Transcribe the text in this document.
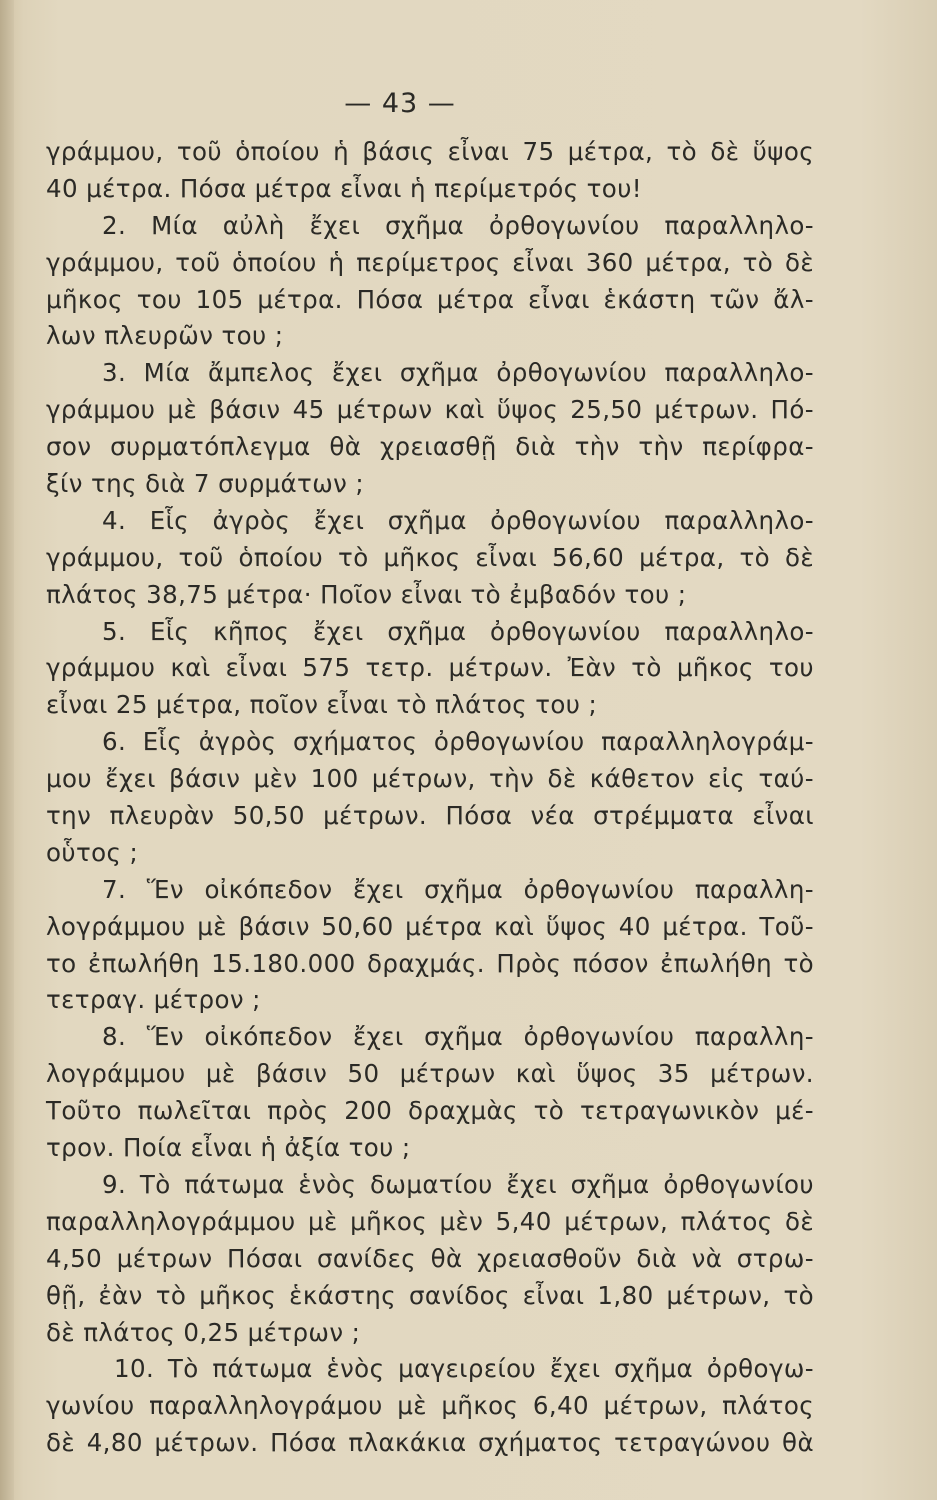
— 43 —
γράμμου, τοῦ ὁποίου ἡ βάσις εἶναι 75 μέτρα, τὸ δὲ ὕψος
40 μέτρα. Πόσα μέτρα εἶναι ἡ περίμετρός του!
2. Μία αὐλὴ ἔχει σχῆμα ὀρθογωνίου παραλληλο-
γράμμου, τοῦ ὁποίου ἡ περίμετρος εἶναι 360 μέτρα, τὸ δὲ
μῆκος του 105 μέτρα. Πόσα μέτρα εἶναι ἑκάστη τῶν ἄλ-
λων πλευρῶν του ;
3. Μία ἄμπελος ἔχει σχῆμα ὀρθογωνίου παραλληλο-
γράμμου μὲ βάσιν 45 μέτρων καὶ ὕψος 25,50 μέτρων. Πό-
σον συρματόπλεγμα θὰ χρειασθῇ διὰ τὴν τὴν περίφρα-
ξίν της διὰ 7 συρμάτων ;
4. Εἷς ἀγρὸς ἔχει σχῆμα ὀρθογωνίου παραλληλο-
γράμμου, τοῦ ὁποίου τὸ μῆκος εἶναι 56,60 μέτρα, τὸ δὲ
πλάτος 38,75 μέτρα· Ποῖον εἶναι τὸ ἐμβαδόν του ;
5. Εἷς κῆπος ἔχει σχῆμα ὀρθογωνίου παραλληλο-
γράμμου καὶ εἶναι 575 τετρ. μέτρων. Ἐὰν τὸ μῆκος του
εἶναι 25 μέτρα, ποῖον εἶναι τὸ πλάτος του ;
6. Εἷς ἀγρὸς σχήματος ὀρθογωνίου παραλληλογράμ-
μου ἔχει βάσιν μὲν 100 μέτρων, τὴν δὲ κάθετον εἰς ταύ-
την πλευρὰν 50,50 μέτρων. Πόσα νέα στρέμματα εἶναι
οὗτος ;
7. Ἕν οἰκόπεδον ἔχει σχῆμα ὀρθογωνίου παραλλη-
λογράμμου μὲ βάσιν 50,60 μέτρα καὶ ὕψος 40 μέτρα. Τοῦ-
το ἐπωλήθη 15.180.000 δραχμάς. Πρὸς πόσον ἐπωλήθη τὸ
τετραγ. μέτρον ;
8. Ἕν οἰκόπεδον ἔχει σχῆμα ὀρθογωνίου παραλλη-
λογράμμου μὲ βάσιν 50 μέτρων καὶ ὕψος 35 μέτρων.
Τοῦτο πωλεῖται πρὸς 200 δραχμὰς τὸ τετραγωνικὸν μέ-
τρον. Ποία εἶναι ἡ ἀξία του ;
9. Τὸ πάτωμα ἑνὸς δωματίου ἔχει σχῆμα ὀρθογωνίου
παραλληλογράμμου μὲ μῆκος μὲν 5,40 μέτρων, πλάτος δὲ
4,50 μέτρων Πόσαι σανίδες θὰ χρειασθοῦν διὰ νὰ στρω-
θῇ, ἐὰν τὸ μῆκος ἑκάστης σανίδος εἶναι 1,80 μέτρων, τὸ
δὲ πλάτος 0,25 μέτρων ;
10. Τὸ πάτωμα ἑνὸς μαγειρείου ἔχει σχῆμα ὀρθογω-
γωνίου παραλληλογράμου μὲ μῆκος 6,40 μέτρων, πλάτος
δὲ 4,80 μέτρων. Πόσα πλακάκια σχήματος τετραγώνου θὰ
